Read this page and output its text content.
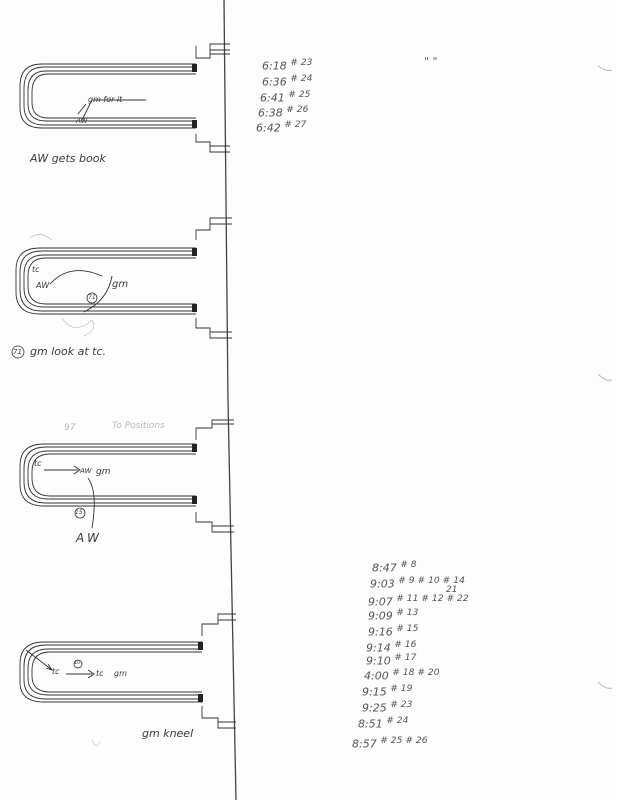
gm for it
AW
AW gets book
tc
AW	gm
71
71 gm look at tc.
97	To Positions
tc
AW gm
15
AW
tc
10
tc gm
gm kneel
" "
6:18 $^{\# 23}$
6:36 $^{\# 24}$
6:41 $^{\# 25}$
6:38 $^{\# 26}$
6:42 $^{\# 27}$
8:47 $^{\# 8}$
9:03 $^{\# 9 \# 10 \# 14}$
21
9:07 $^{\# 11 \# 12 \# 22}$
9:09 $^{\# 13}$
9:16 $^{\# 15}$
9:14 $^{\# 16}$
9:10 $^{\# 17}$
4:00 $^{\# 18 \# 20}$
9:15 $^{\# 19}$
9:25 $^{\# 23}$
8:51 $^{\# 24}$
8:57 $^{\# 25 \# 26}$
